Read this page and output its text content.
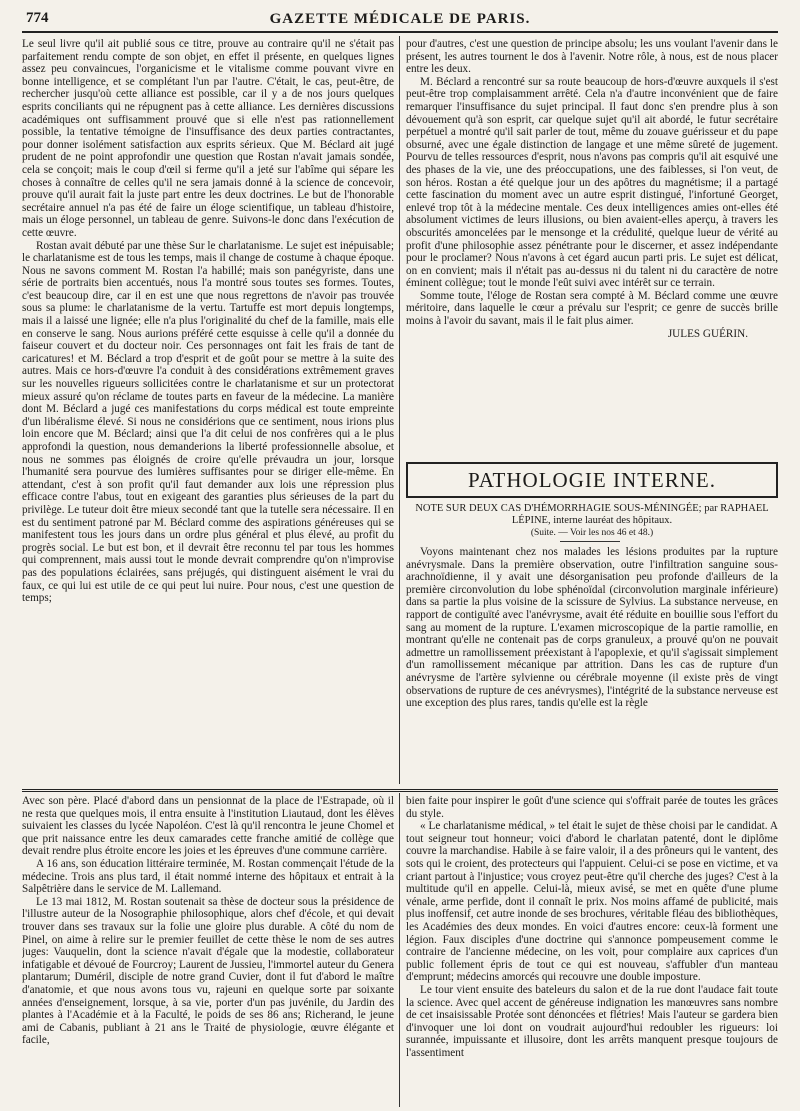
774	GAZETTE MÉDICALE DE PARIS.

Le seul livre qu'il ait publié sous ce titre, prouve au contraire qu'il ne s'était pas parfaitement rendu compte de son objet, en effet il présente, en quelques lignes assez peu convaincues, l'organicisme et le vitalisme comme pouvant vivre en bonne intelligence, et se complétant l'un par l'autre. C'était, le cas, peut-être, de rechercher jusqu'où cette alliance est possible, car il y a de nos jours quelques esprits conciliants qui ne répugnent pas à cette alliance. Les dernières discussions académiques ont suffisamment prouvé que si elle n'est pas rationnellement possible, la tentative témoigne de l'insuffisance des deux parties contractantes, pour donner isolément satisfaction aux esprits sérieux. Que M. Béclard ait jugé prudent de ne point approfondir une question que Rostan n'avait jamais sondée, cela se conçoit; mais le coup d'œil si ferme qu'il a jeté sur l'abîme qui sépare les choses à connaître de celles qu'il ne sera jamais donné à la science de concevoir, prouve qu'il aurait fait la juste part entre les deux doctrines. Le but de l'honorable secrétaire annuel n'a pas été de faire un éloge scientifique, un tableau d'histoire, mais un éloge personnel, un tableau de genre. Suivons-le donc dans l'exécution de cette œuvre.

Rostan avait débuté par une thèse Sur le charlatanisme. Le sujet est inépuisable; le charlatanisme est de tous les temps, mais il change de costume à chaque époque. Nous ne savons comment M. Rostan l'a habillé; mais son panégyriste, dans une série de portraits bien accentués, nous l'a montré sous toutes ses formes. Toutes, c'est beaucoup dire, car il en est une que nous regrettons de n'avoir pas trouvée sous sa plume: le charlatanisme de la vertu. Tartuffe est mort depuis longtemps, mais il a laissé une lignée; elle n'a plus l'originalité du chef de la famille, mais elle en conserve le sang. Nous aurions préféré cette esquisse à celle qu'il a donnée du faiseur couvert et du docteur noir. Ces personnages ont fait les frais de tant de caricatures! et M. Béclard a trop d'esprit et de goût pour se mettre à la suite des autres. Mais ce hors-d'œuvre l'a conduit à des considérations extrêmement graves sur les nouvelles rigueurs sollicitées contre le charlatanisme et sur un protectorat mieux assuré qu'on réclame de toutes parts en faveur de la médecine. La manière dont M. Béclard a jugé ces manifestations du corps médical est toute empreinte d'un libéralisme élevé. Si nous ne considérions que ce sentiment, nous irions plus loin encore que M. Béclard; ainsi que l'a dit celui de nos confrères qui a le plus approfondi la question, nous demanderions la liberté professionnelle absolue, et nous ne sommes pas éloignés de croire qu'elle prévaudra un jour, lorsque l'humanité sera pourvue des lumières suffisantes pour se diriger elle-même. En attendant, c'est à son profit qu'il faut demander aux lois une répression plus efficace contre l'abus, tout en exigeant des garanties plus sérieuses de la part du privilège. Le tuteur doit être mieux secondé tant que la tutelle sera nécessaire. Il en est du sentiment patroné par M. Béclard comme des aspirations généreuses qui se manifestent tous les jours dans un ordre plus général et plus élevé, au profit du progrès social. Le but est bon, et il devrait être reconnu tel par tous les hommes qui comprennent, mais aussi tout le monde devrait comprendre qu'on n'improvise pas des populations éclairées, sans préjugés, qui distinguent aisément le vrai du faux, ce qui lui est utile de ce qui peut lui nuire. Pour nous, c'est une question de temps;

pour d'autres, c'est une question de principe absolu; les uns voulant l'avenir dans le présent, les autres tournent le dos à l'avenir. Notre rôle, à nous, est de nous placer entre les deux.

M. Béclard a rencontré sur sa route beaucoup de hors-d'œuvre auxquels il s'est peut-être trop complaisamment arrêté. Cela n'a d'autre inconvénient que de faire remarquer l'insuffisance du sujet principal. Il faut donc s'en prendre plus à son dévouement qu'à son esprit, car quelque sujet qu'il ait abordé, le futur secrétaire perpétuel a montré qu'il sait parler de tout, même du zouave guérisseur et du pape obsurné, avec une égale distinction de langage et une même sûreté de jugement. Pourvu de telles ressources d'esprit, nous n'avons pas compris qu'il ait esquivé une des phases de la vie, une des préoccupations, une des faiblesses, si l'on veut, de son héros. Rostan a été quelque jour un des apôtres du magnétisme; il a partagé cette fascination du moment avec un autre esprit distingué, l'infortuné Georget, enlevé trop tôt à la médecine mentale. Ces deux intelligences amies ont-elles été absolument victimes de leurs illusions, ou bien avaient-elles aperçu, à travers les obscurités amoncelées par le mensonge et la crédulité, quelque lueur de vérité au profit d'une philosophie assez pénétrante pour le discerner, et assez indépendante pour le proclamer? Nous n'avons à cet égard aucun parti pris. Le sujet est délicat, on en convient; mais il n'était pas au-dessus ni du talent ni du caractère de notre éminent collègue; tout le monde l'eût suivi avec intérêt sur ce terrain.

Somme toute, l'éloge de Rostan sera compté à M. Béclard comme une œuvre méritoire, dans laquelle le cœur a prévalu sur l'esprit; ce genre de succès brille moins à l'avoir du savant, mais il le fait plus aimer.

JULES GUÉRIN.

PATHOLOGIE INTERNE.
NOTE SUR DEUX CAS D'HÉMORRHAGIE SOUS-MÉNINGÉE; par RAPHAEL
LÉPINE, interne lauréat des hôpitaux.
(Suite. — Voir les nos 46 et 48.)

Voyons maintenant chez nos malades les lésions produites par la rupture anévrysmale. Dans la première observation, outre l'infiltration sanguine sous-arachnoïdienne, il y avait une désorganisation peu profonde d'ailleurs de la première circonvolution du lobe sphénoïdal (circonvolution marginale inférieure) dans sa partie la plus voisine de la scissure de Sylvius. La substance nerveuse, en rapport de contiguïté avec l'anévrysme, avait été réduite en bouillie sous l'effort du sang au moment de la rupture. L'examen microscopique de la partie ramollie, en montrant qu'elle ne contenait pas de corps granuleux, a prouvé qu'on ne pouvait admettre un ramollissement préexistant à l'apoplexie, et qu'il s'agissait simplement d'un ramollissement mécanique par attrition. Dans les cas de rupture d'un anévrysme de l'artère sylvienne ou cérébrale moyenne (il existe près de vingt observations de rupture de ces anévrysmes), l'intégrité de la substance nerveuse est une exception des plus rares, tandis qu'elle est la règle

Avec son père. Placé d'abord dans un pensionnat de la place de l'Estrapade, où il ne resta que quelques mois, il entra ensuite à l'institution Liautaud, dont les élèves suivaient les classes du lycée Napoléon. C'est là qu'il rencontra le jeune Chomel et que prit naissance entre les deux camarades cette franche amitié de collège que devait rendre plus étroite encore les joies et les épreuves d'une commune carrière.

A 16 ans, son éducation littéraire terminée, M. Rostan commençait l'étude de la médecine. Trois ans plus tard, il était nommé interne des hôpitaux et entrait à la Salpêtrière dans le service de M. Lallemand.

Le 13 mai 1812, M. Rostan soutenait sa thèse de docteur sous la présidence de l'illustre auteur de la Nosographie philosophique, alors chef d'école, et qui devait trouver dans ses travaux sur la folie une gloire plus durable. A côté du nom de Pinel, on aime à relire sur le premier feuillet de cette thèse le nom de ses autres juges: Vauquelin, dont la science n'avait d'égale que la modestie, collaborateur infatigable et dévoué de Fourcroy; Laurent de Jussieu, l'immortel auteur du Genera plantarum; Duméril, disciple de notre grand Cuvier, dont il fut d'abord le maître d'anatomie, et que nous avons tous vu, rajeuni en quelque sorte par soixante années d'enseignement, lorsque, à sa vie, porter d'un pas juvénile, du Jardin des plantes à l'Académie et à la Faculté, le poids de ses 86 ans; Richerand, le jeune ami de Cabanis, publiant à 21 ans le Traité de physiologie, œuvre élégante et facile,

bien faite pour inspirer le goût d'une science qui s'offrait parée de toutes les grâces du style.

« Le charlatanisme médical, » tel était le sujet de thèse choisi par le candidat. A tout seigneur tout honneur; voici d'abord le charlatan patenté, dont le diplôme couvre la marchandise. Habile à se faire valoir, il a des prôneurs qui le vantent, des sots qui le croient, des protecteurs qui l'appuient. Celui-ci se pose en victime, et va criant partout à l'injustice; vous croyez peut-être qu'il cherche des juges? C'est à la multitude qu'il en appelle. Celui-là, mieux avisé, se met en quête d'une plume vénale, arme perfide, dont il connaît le prix. Nos moins affamé de publicité, mais plus inoffensif, cet autre inonde de ses brochures, véritable fléau des bibliothèques, les Académies des deux mondes. En voici d'autres encore: ceux-là forment une légion. Faux disciples d'une doctrine qui s'annonce pompeusement comme le contraire de l'ancienne médecine, on les voit, pour complaire aux caprices d'un public follement épris de tout ce qui est nouveau, s'affubler d'un manteau d'emprunt; médecins amorcés qui recouvre une double imposture.

Le tour vient ensuite des bateleurs du salon et de la rue dont l'audace fait toute la science. Avec quel accent de généreuse indignation les manœuvres sans nombre de cet insaisissable Protée sont dénoncées et flétries! Mais l'auteur se gardera bien d'invoquer une loi dont on voudrait aujourd'hui redoubler les rigueurs: loi surannée, impuissante et illusoire, dont les arrêts manquent presque toujours de l'assentiment
